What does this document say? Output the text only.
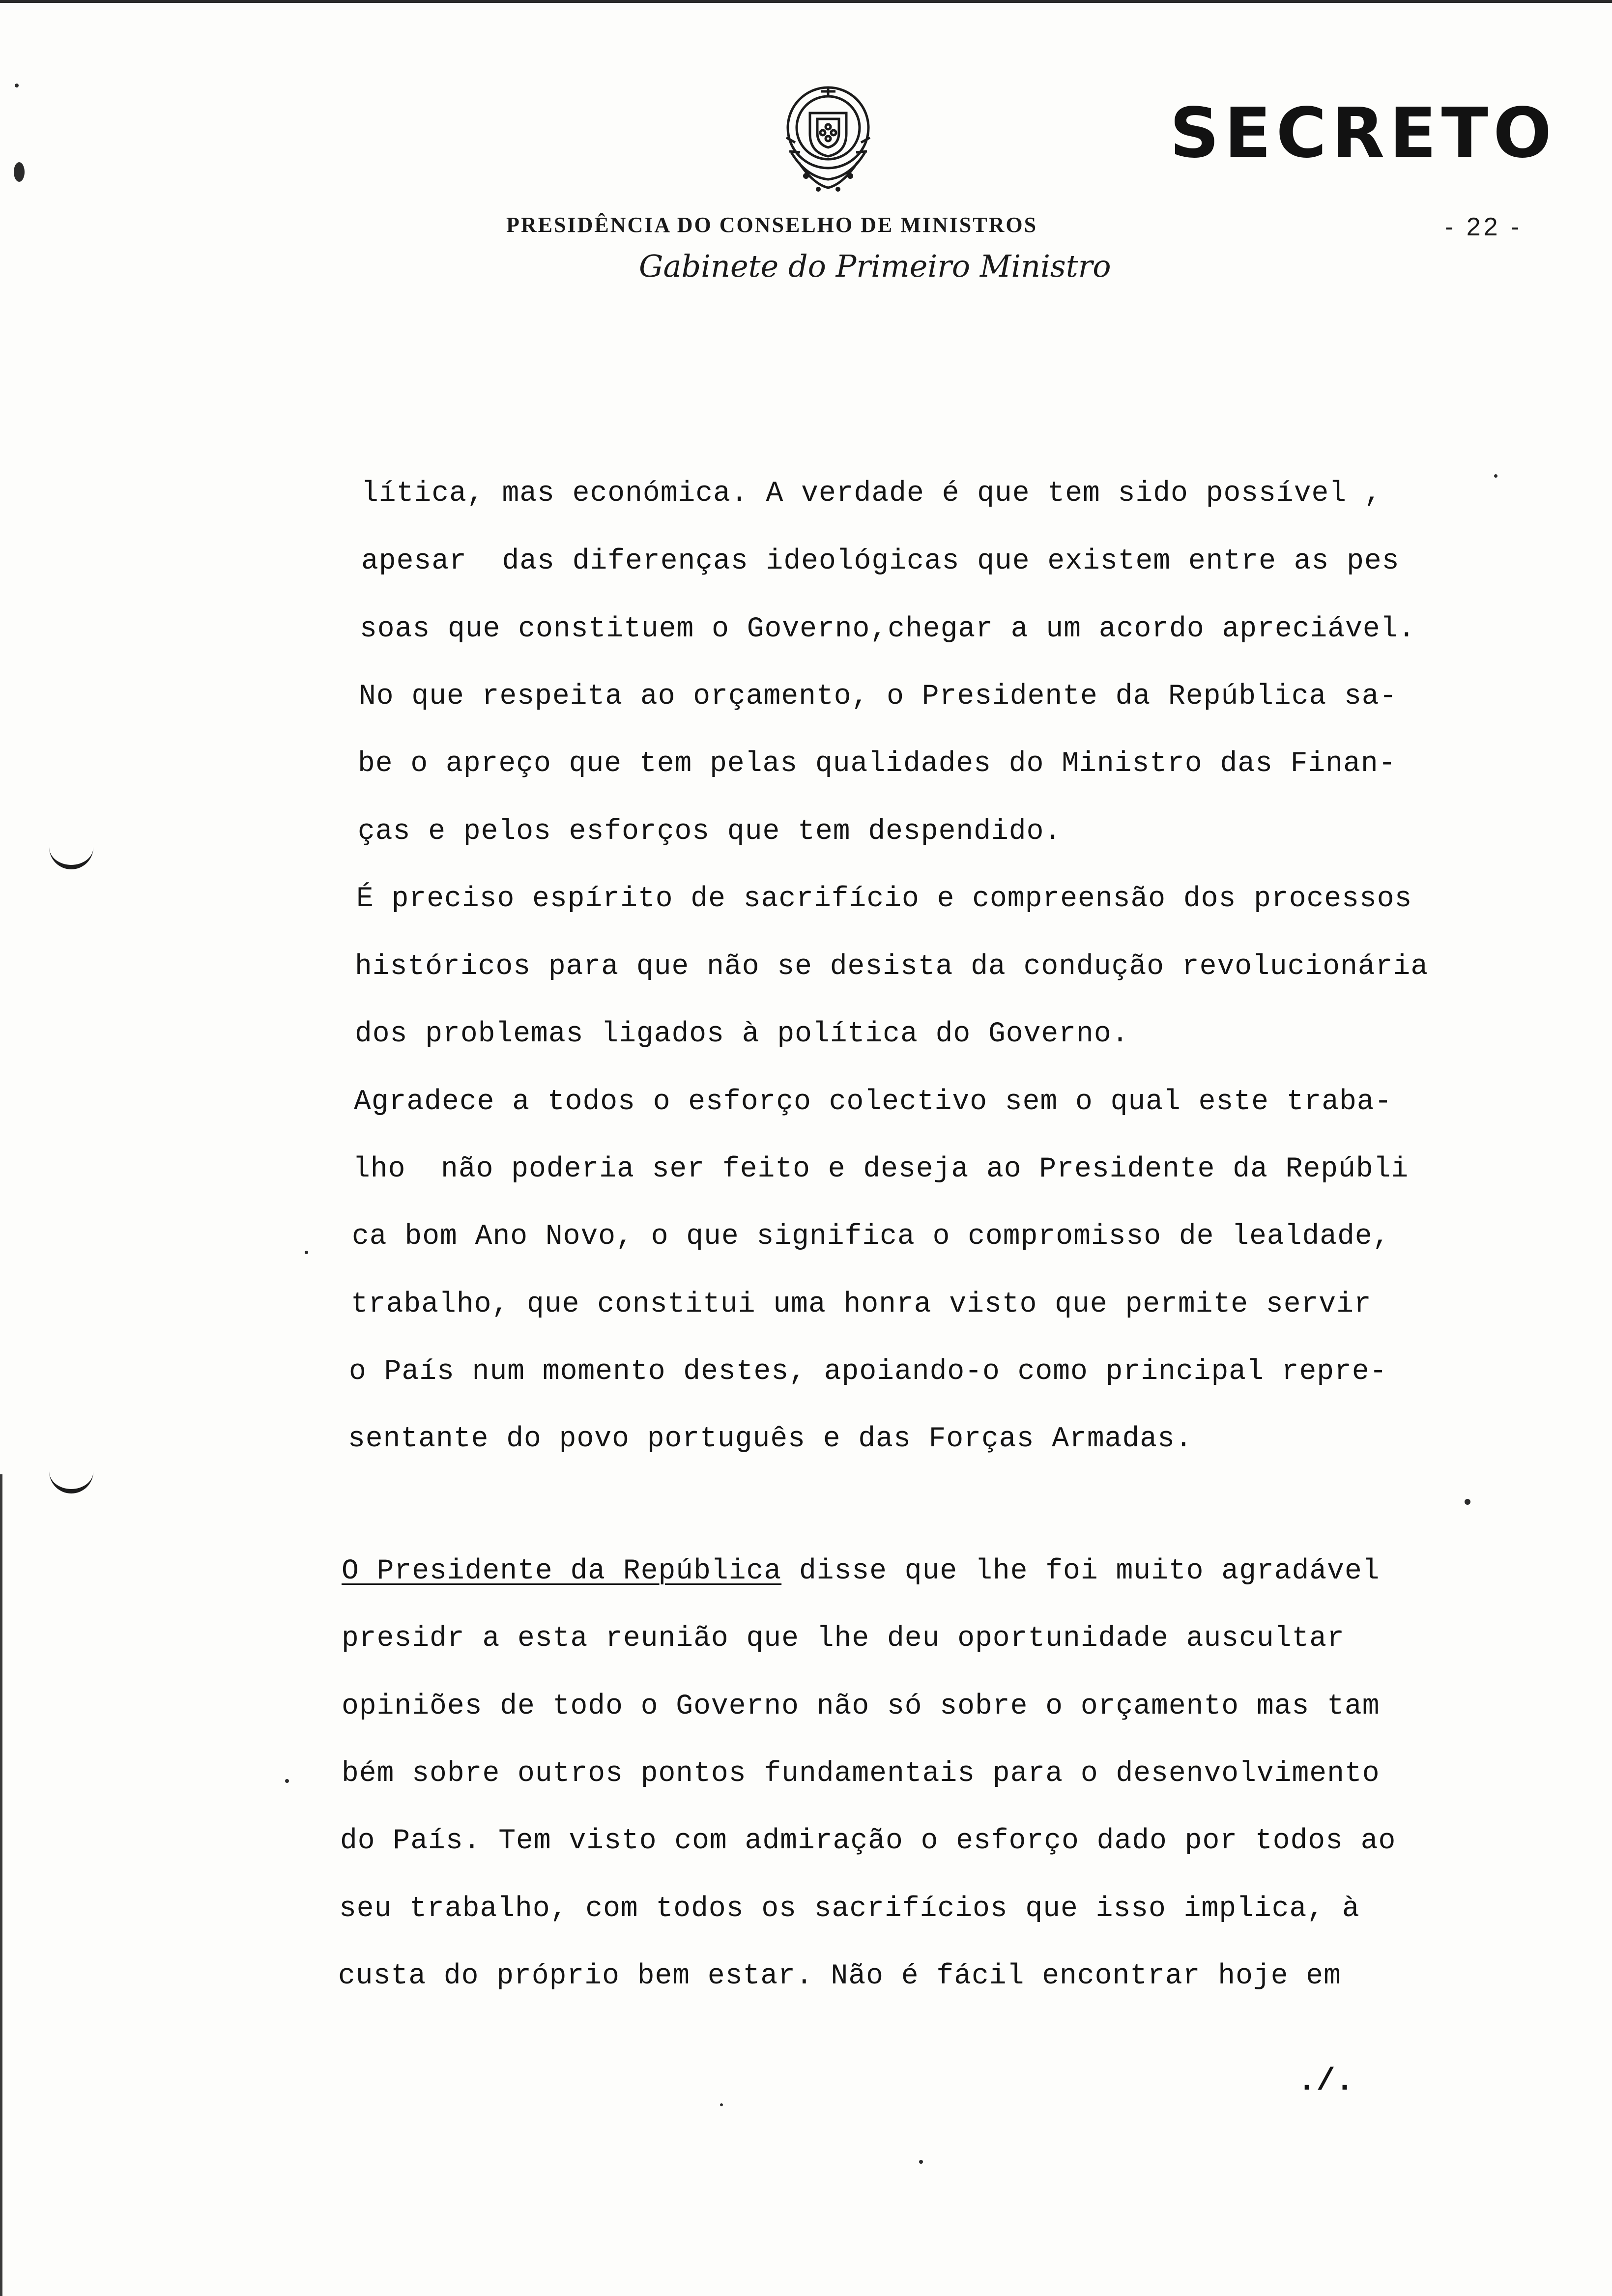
SECRETO
PRESIDÊNCIA DO CONSELHO DE MINISTROS	- 22 -
Gabinete do Primeiro Ministro
lítica, mas económica. A verdade é que tem sido possível ,
apesar  das diferenças ideológicas que existem entre as pes
soas que constituem o Governo,chegar a um acordo apreciável.
No que respeita ao orçamento, o Presidente da República sa-
be o apreço que tem pelas qualidades do Ministro das Finan-
ças e pelos esforços que tem despendido.
É preciso espírito de sacrifício e compreensão dos processos
históricos para que não se desista da condução revolucionária
dos problemas ligados à política do Governo.
Agradece a todos o esforço colectivo sem o qual este traba-
lho  não poderia ser feito e deseja ao Presidente da Repúbli
ca bom Ano Novo, o que significa o compromisso de lealdade,
trabalho, que constitui uma honra visto que permite servir
o País num momento destes, apoiando-o como principal repre-
sentante do povo português e das Forças Armadas.
O Presidente da República disse que lhe foi muito agradável
presidr a esta reunião que lhe deu oportunidade auscultar
opiniões de todo o Governo não só sobre o orçamento mas tam
bém sobre outros pontos fundamentais para o desenvolvimento
do País. Tem visto com admiração o esforço dado por todos ao
seu trabalho, com todos os sacrifícios que isso implica, à
custa do próprio bem estar. Não é fácil encontrar hoje em
./.
